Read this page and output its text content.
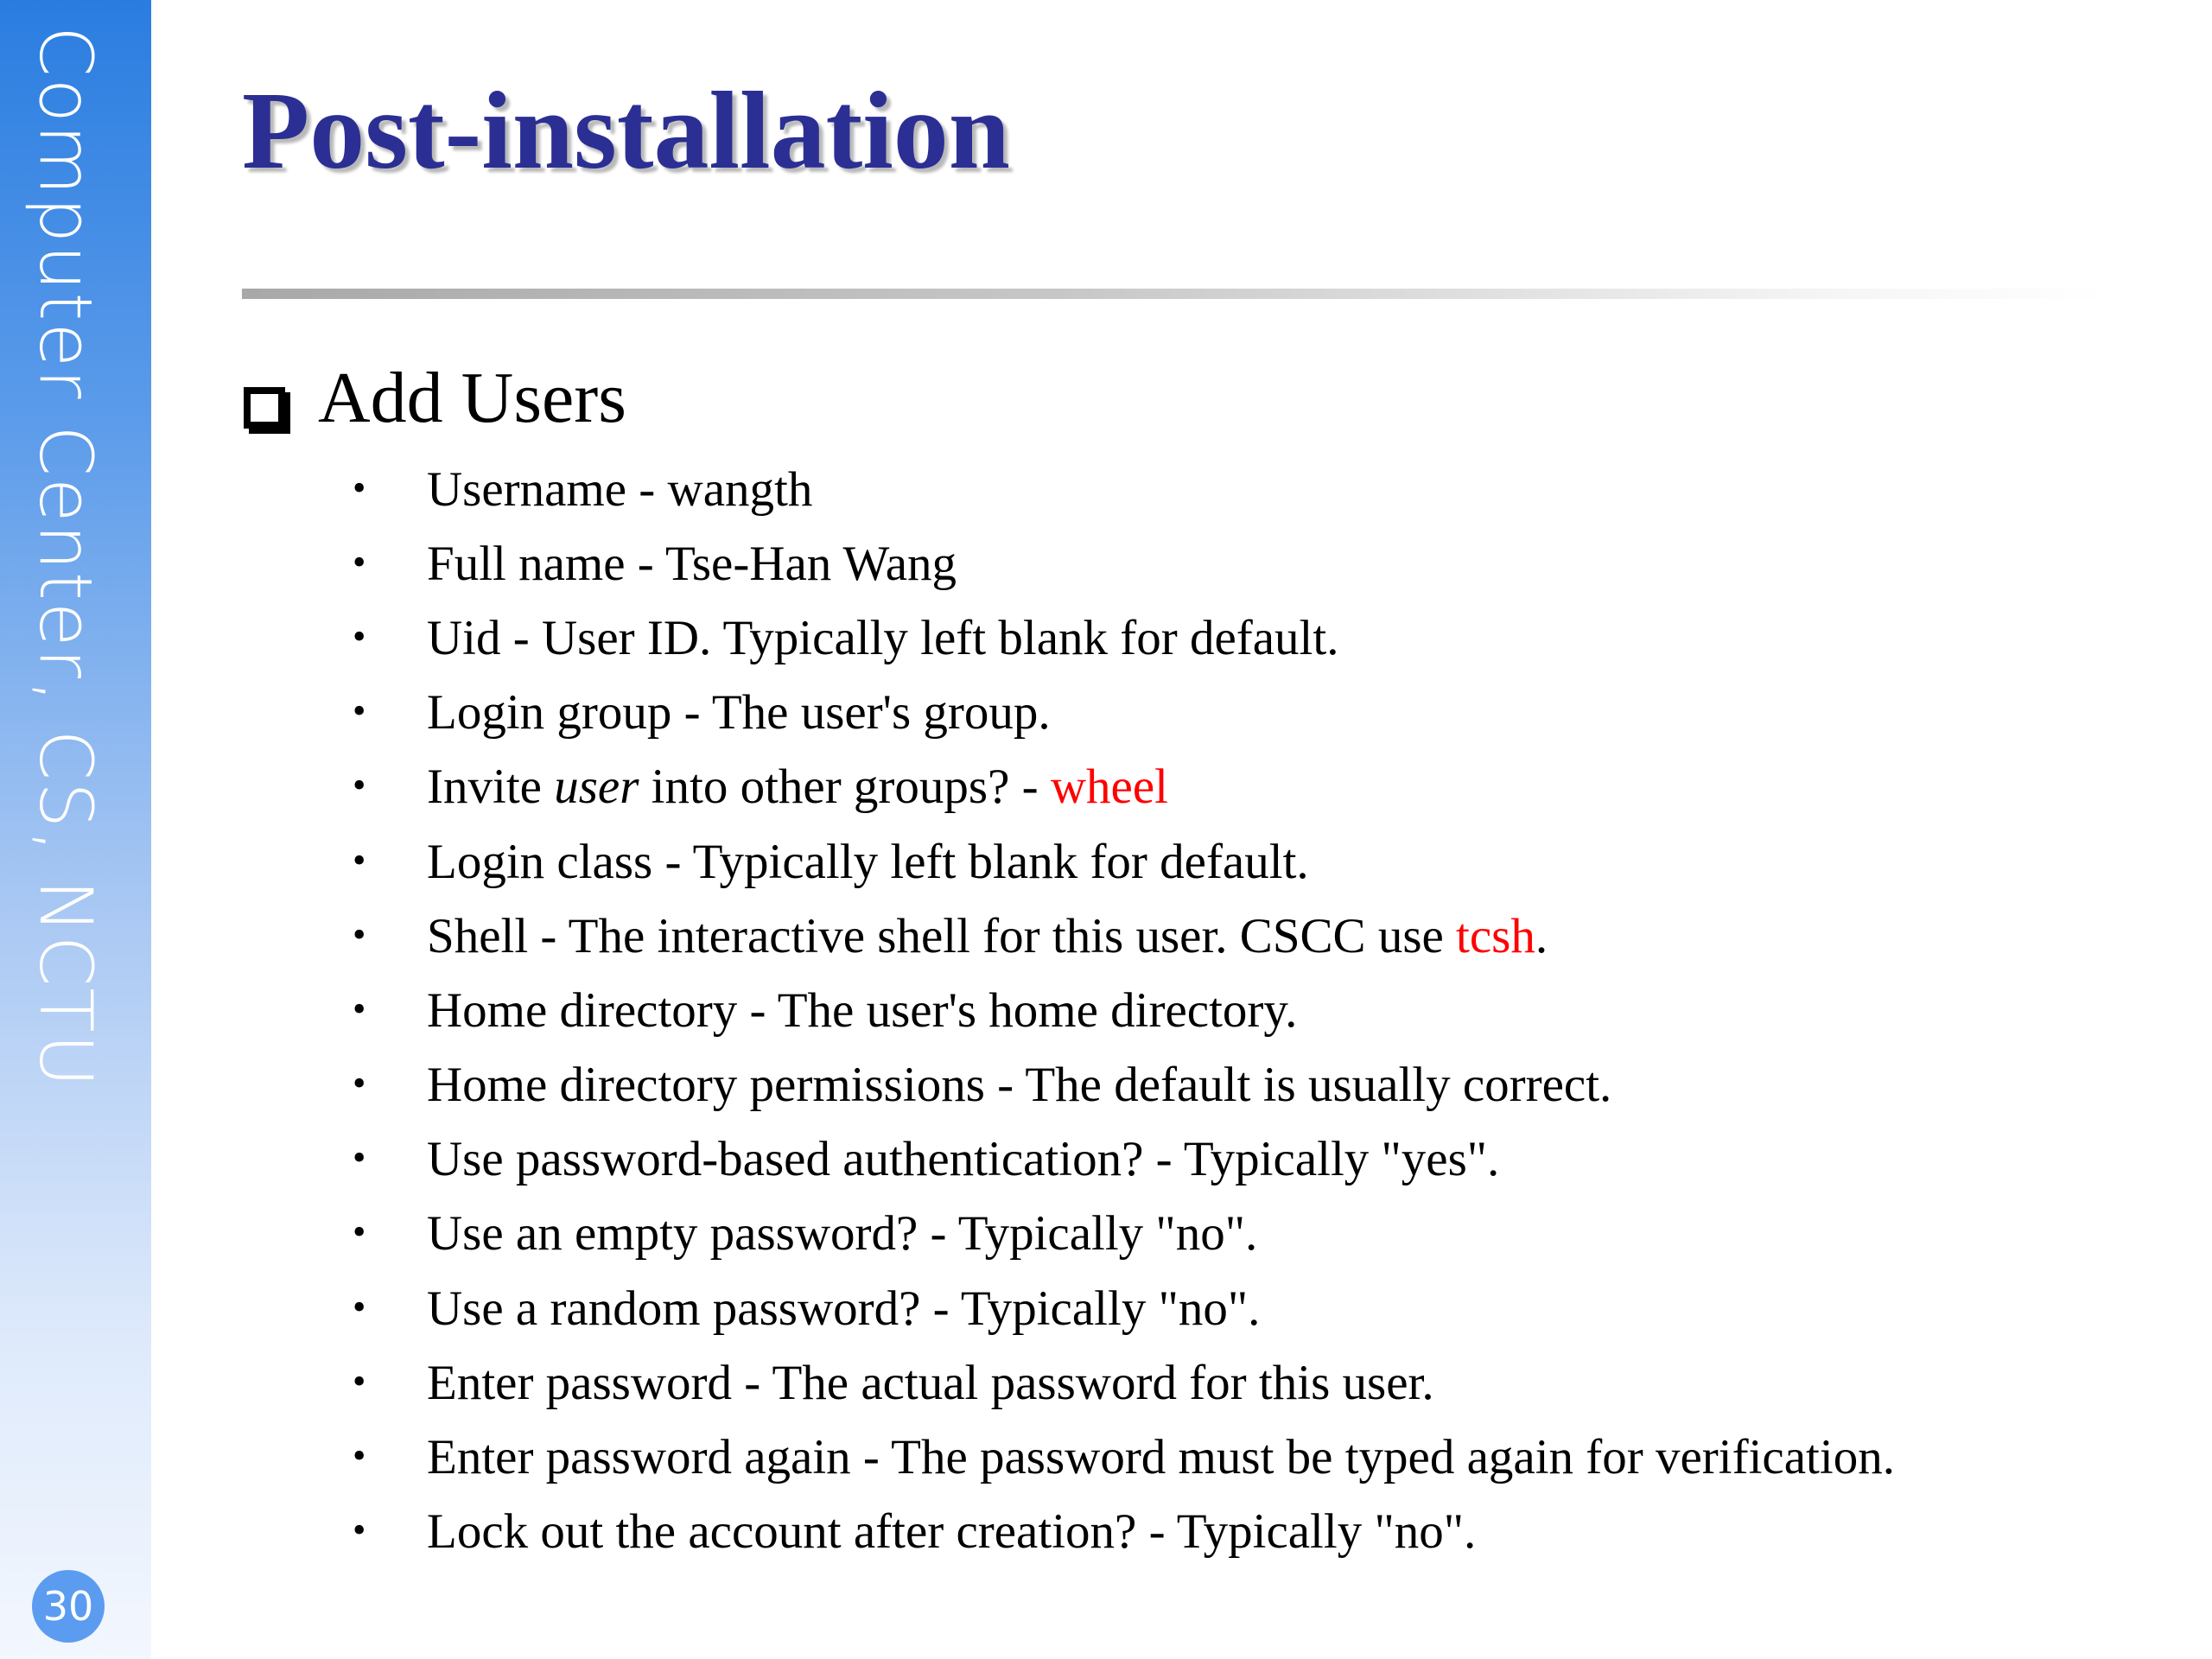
Computer Center, CS, NCTU
30
Post-installation
Add Users
•	Username - wangth
•	Full name - Tse-Han Wang
•	Uid - User ID. Typically left blank for default.
•	Login group - The user's group.
•	Invite user into other groups? - wheel
•	Login class - Typically left blank for default.
•	Shell - The interactive shell for this user. CSCC use tcsh .
•	Home directory - The user's home directory.
•	Home directory permissions - The default is usually correct.
•	Use password-based authentication? - Typically "yes".
•	Use an empty password? - Typically "no".
•	Use a random password? - Typically "no".
•	Enter password - The actual password for this user.
•	Enter password again - The password must be typed again for verification.
•	Lock out the account after creation? - Typically "no".
